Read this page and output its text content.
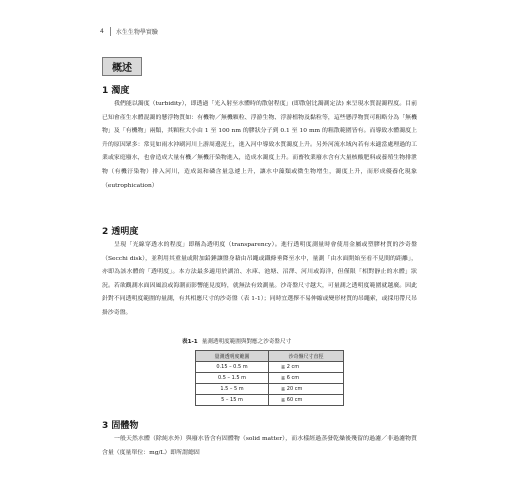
4 水生生物學實驗
概述
1 濁度

我們能以濁度（turbidity），即透過「光入射至水體時的散射程度」(即散射比濁測定法) 來呈現水質混濁程度。目前已知會產生水體混濁的懸浮物質如：有機物／無機顆粒、浮游生物、浮游植物及黏粒等，這些懸浮物質可粗略分為「無機物」及「有機物」兩類，其顆粒大小由 1 至 100 nm 的膠狀分子到 0.1 至 10 mm 的粗散範圍皆有。而導致水體濁度上升的原因眾多：常見如雨水沖刷河川上游周邊泥土，進入河中導致水質濁度上升。另外河流水域內若有未適當處理過的工業或家庭廢水，也會造成大量有機／無機汙染物進入，造成水濁度上升。而畜牧業廢水含有大量核酸肥料或養殖生物排泄物（有機汙染物）排入河川，造成氮和磷含量急遽上升，讓水中藻類或微生物增生，濁度上升，而形成優養化現象（eutrophication）

2 透明度

呈現「光線穿透水的程度」即稱為透明度（transparency）。進行透明度測量時會使用金屬或塑膠材質的沙奇盤（Secchi disk），並利用其重量或附加鉛錘讓盤身藉由吊繩或鐵條垂降至水中，量測「由水面開始至看不見間的距離」，亦即為該水體的「透明度」。本方法最多適用於湖泊、水庫、池塘、沼澤、河川或海洋，但僅限「相對靜止的水體」狀況。若欲觀測水面因風浪或海潮而影響能見度時，就無法有效測量。沙奇盤尺寸越大，可量測之透明度範圍就越廣。因此針對不同透明度範圍的量測，有其相應尺寸的沙奇盤（表 1-1）；同時宜選擇不易伸縮或變形材質的吊繩索，或採用帶尺吊掛沙奇盤。

表1-1 量測透明度範圍與對應之沙奇盤尺寸
量測透明度範圍	沙奇盤尺寸直徑
0.15 – 0.5 m	≧ 2 cm
0.5 – 1.5 m	≧ 6 cm
1.5 – 5 m	≧ 20 cm
5 – 15 m	≧ 60 cm
3 固體物

一般天然水體（除純水外）與廢水皆含有固體物（solid matter），而水樣經過蒸發乾燥後殘留的過濾／非過濾物質含量（度量單位：mg/L）即所謂總固
